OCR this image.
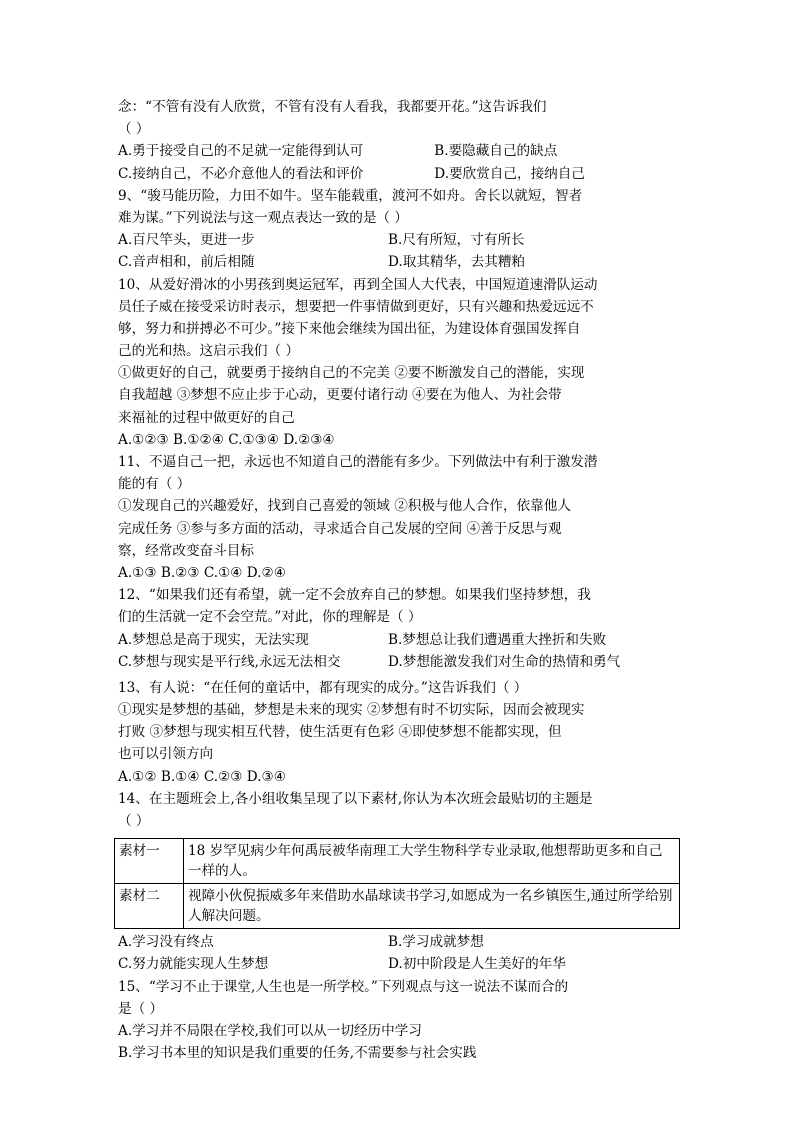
念：“不管有没有人欣赏，不管有没有人看我，我都要开花。”这告诉我们
（ ）
A.勇于接受自己的不足就一定能得到认可	B.要隐藏自己的缺点
C.接纳自己，不必介意他人的看法和评价	D.要欣赏自己，接纳自己
9、“骏马能历险，力田不如牛。坚车能载重，渡河不如舟。舍长以就短，智者
难为谋。”下列说法与这一观点表达一致的是（ ）
A.百尺竿头，更进一步	B.尺有所短，寸有所长
C.音声相和，前后相随	D.取其精华，去其糟粕
10、从爱好滑冰的小男孩到奥运冠军，再到全国人大代表，中国短道速滑队运动
员任子威在接受采访时表示，想要把一件事情做到更好，只有兴趣和热爱远远不
够，努力和拼搏必不可少。”接下来他会继续为国出征，为建设体育强国发挥自
己的光和热。这启示我们（ ）
①做更好的自己，就要勇于接纳自己的不完美 ②要不断激发自己的潜能，实现
自我超越 ③梦想不应止步于心动，更要付诸行动 ④要在为他人、为社会带
来福祉的过程中做更好的自己
A.①②③ B.①②④ C.①③④ D.②③④
11、不逼自己一把，永远也不知道自己的潜能有多少。下列做法中有利于激发潜
能的有（ ）
①发现自己的兴趣爱好，找到自己喜爱的领域 ②积极与他人合作，依靠他人
完成任务 ③参与多方面的活动，寻求适合自己发展的空间 ④善于反思与观
察，经常改变奋斗目标
A.①③ B.②③ C.①④ D.②④
12、“如果我们还有希望，就一定不会放弃自己的梦想。如果我们坚持梦想，我
们的生活就一定不会空荒。”对此，你的理解是（ ）
A.梦想总是高于现实，无法实现	B.梦想总让我们遭遇重大挫折和失败
C.梦想与现实是平行线,永远无法相交	D.梦想能激发我们对生命的热情和勇气
13、有人说：“在任何的童话中，都有现实的成分。”这告诉我们（ ）
①现实是梦想的基础，梦想是未来的现实 ②梦想有时不切实际，因而会被现实
打败 ③梦想与现实相互代替，使生活更有色彩 ④即使梦想不能都实现，但
也可以引领方向
A.①② B.①④ C.②③ D.③④
14、在主题班会上,各小组收集呈现了以下素材,你认为本次班会最贴切的主题是
（ ）
素材一	18 岁罕见病少年何禹辰被华南理工大学生物科学专业录取,他想帮助更多和自己一样的人。
素材二	视障小伙倪振威多年来借助水晶球读书学习,如愿成为一名乡镇医生,通过所学给别人解决问题。
A.学习没有终点	B.学习成就梦想
C.努力就能实现人生梦想	D.初中阶段是人生美好的年华
15、“学习不止于课堂,人生也是一所学校。”下列观点与这一说法不谋而合的
是（ ）
A.学习并不局限在学校,我们可以从一切经历中学习
B.学习书本里的知识是我们重要的任务,不需要参与社会实践
